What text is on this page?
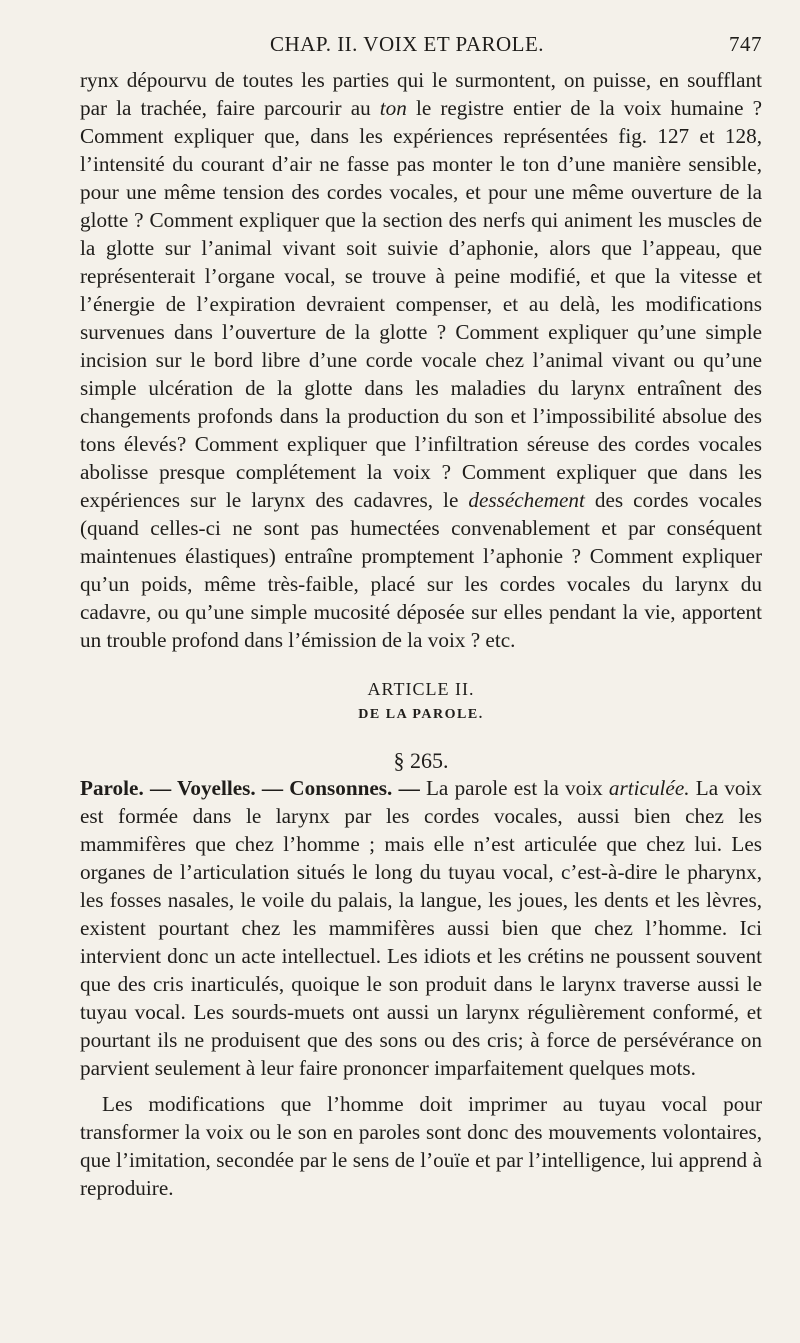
CHAP. II. VOIX ET PAROLE.	747

rynx dépourvu de toutes les parties qui le surmontent, on puisse, en soufflant par la trachée, faire parcourir au ton le registre entier de la voix humaine ? Comment expliquer que, dans les expériences représentées fig. 127 et 128, l’intensité du courant d’air ne fasse pas monter le ton d’une manière sensible, pour une même tension des cordes vocales, et pour une même ouverture de la glotte ? Comment expliquer que la section des nerfs qui animent les muscles de la glotte sur l’animal vivant soit suivie d’aphonie, alors que l’appeau, que représenterait l’organe vocal, se trouve à peine modifié, et que la vitesse et l’énergie de l’expiration devraient compenser, et au delà, les modifications survenues dans l’ouverture de la glotte ? Comment expliquer qu’une simple incision sur le bord libre d’une corde vocale chez l’animal vivant ou qu’une simple ulcération de la glotte dans les maladies du larynx entraînent des changements profonds dans la production du son et l’impossibilité absolue des tons élevés? Comment expliquer que l’infiltration séreuse des cordes vocales abolisse presque complétement la voix ? Comment expliquer que dans les expériences sur le larynx des cadavres, le desséchement des cordes vocales (quand celles-ci ne sont pas humectées convenablement et par conséquent maintenues élastiques) entraîne promptement l’aphonie ? Comment expliquer qu’un poids, même très-faible, placé sur les cordes vocales du larynx du cadavre, ou qu’une simple mucosité déposée sur elles pendant la vie, apportent un trouble profond dans l’émission de la voix ? etc.

ARTICLE II.
DE LA PAROLE.
§ 265.

Parole. — Voyelles. — Consonnes. — La parole est la voix articulée. La voix est formée dans le larynx par les cordes vocales, aussi bien chez les mammifères que chez l’homme ; mais elle n’est articulée que chez lui. Les organes de l’articulation situés le long du tuyau vocal, c’est-à-dire le pharynx, les fosses nasales, le voile du palais, la langue, les joues, les dents et les lèvres, existent pourtant chez les mammifères aussi bien que chez l’homme. Ici intervient donc un acte intellectuel. Les idiots et les crétins ne poussent souvent que des cris inarticulés, quoique le son produit dans le larynx traverse aussi le tuyau vocal. Les sourds-muets ont aussi un larynx régulièrement conformé, et pourtant ils ne produisent que des sons ou des cris; à force de persévérance on parvient seulement à leur faire prononcer imparfaitement quelques mots.

Les modifications que l’homme doit imprimer au tuyau vocal pour transformer la voix ou le son en paroles sont donc des mouvements volontaires, que l’imitation, secondée par le sens de l’ouïe et par l’intelligence, lui apprend à reproduire.
